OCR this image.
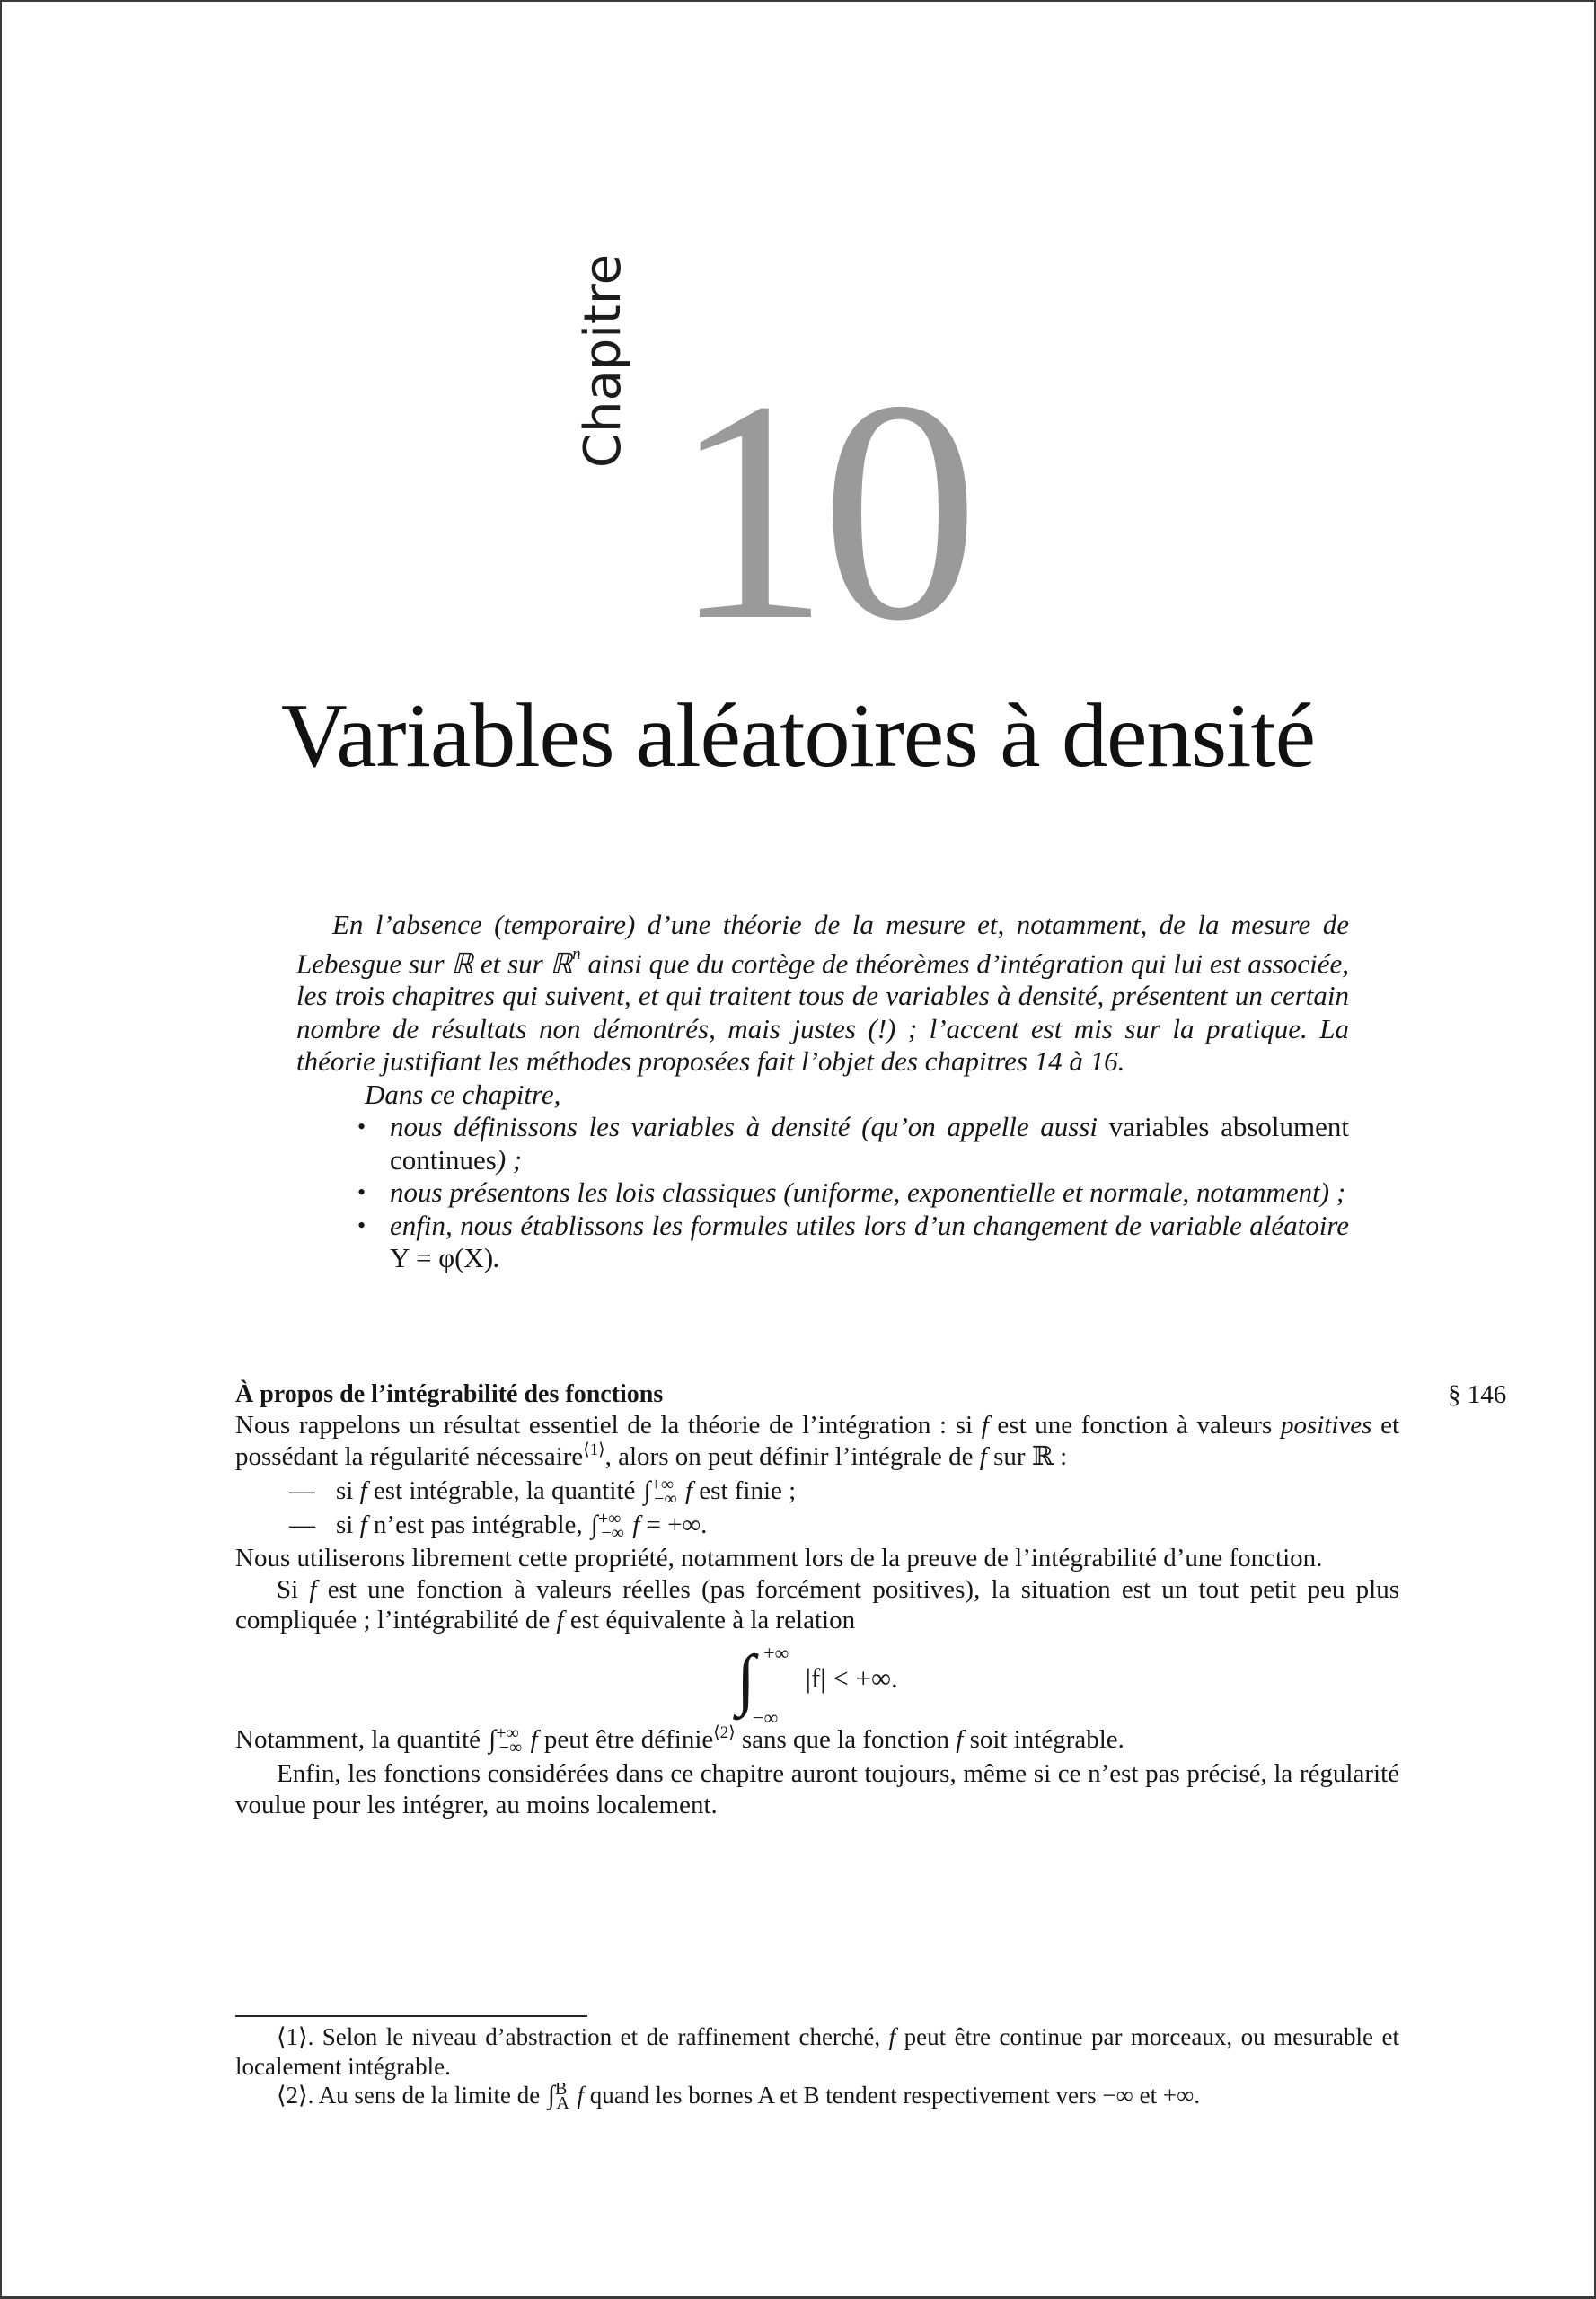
Chapitre 10
Variables aléatoires à densité

En l’absence (temporaire) d’une théorie de la mesure et, notamment, de la mesure de Lebesgue sur ℝ et sur ℝ$^n$ ainsi que du cortège de théorèmes d’intégration qui lui est associée, les trois chapitres qui suivent, et qui traitent tous de variables à densité, présentent un certain nombre de résultats non démontrés, mais justes (!) ; l’accent est mis sur la pratique. La théorie justifiant les méthodes proposées fait l’objet des chapitres 14 à 16.

Dans ce chapitre,

• nous définissons les variables à densité (qu’on appelle aussi variables absolument continues) ;
• nous présentons les lois classiques (uniforme, exponentielle et normale, notamment) ;
• enfin, nous établissons les formules utiles lors d’un changement de variable aléatoire Y = φ(X).
§ 146

À propos de l’intégrabilité des fonctions

Nous rappelons un résultat essentiel de la théorie de l’intégration : si f est une fonction à valeurs positives et possédant la régularité nécessaire$^{⟨1⟩}$, alors on peut définir l’intégrale de f sur ℝ :

— si f est intégrable, la quantité $\int^{+\infty}_{-\infty}$ f est finie ;

— si f n’est pas intégrable, $\int^{+\infty}_{-\infty}$ f = +∞.

Nous utiliserons librement cette propriété, notamment lors de la preuve de l’intégrabilité d’une fonction.

Si f est une fonction à valeurs réelles (pas forcément positives), la situation est un tout petit peu plus compliquée ; l’intégrabilité de f est équivalente à la relation

∫ +∞
−∞
|f| < +∞.

Notamment, la quantité $\int^{+\infty}_{-\infty}$ f peut être définie$^{⟨2⟩}$ sans que la fonction f soit intégrable.

Enfin, les fonctions considérées dans ce chapitre auront toujours, même si ce n’est pas précisé, la régularité voulue pour les intégrer, au moins localement.

⟨1⟩. Selon le niveau d’abstraction et de raffinement cherché, f peut être continue par morceaux, ou mesurable et localement intégrable.

⟨2⟩. Au sens de la limite de ∫$^B_A$ f quand les bornes A et B tendent respectivement vers −∞ et +∞.
